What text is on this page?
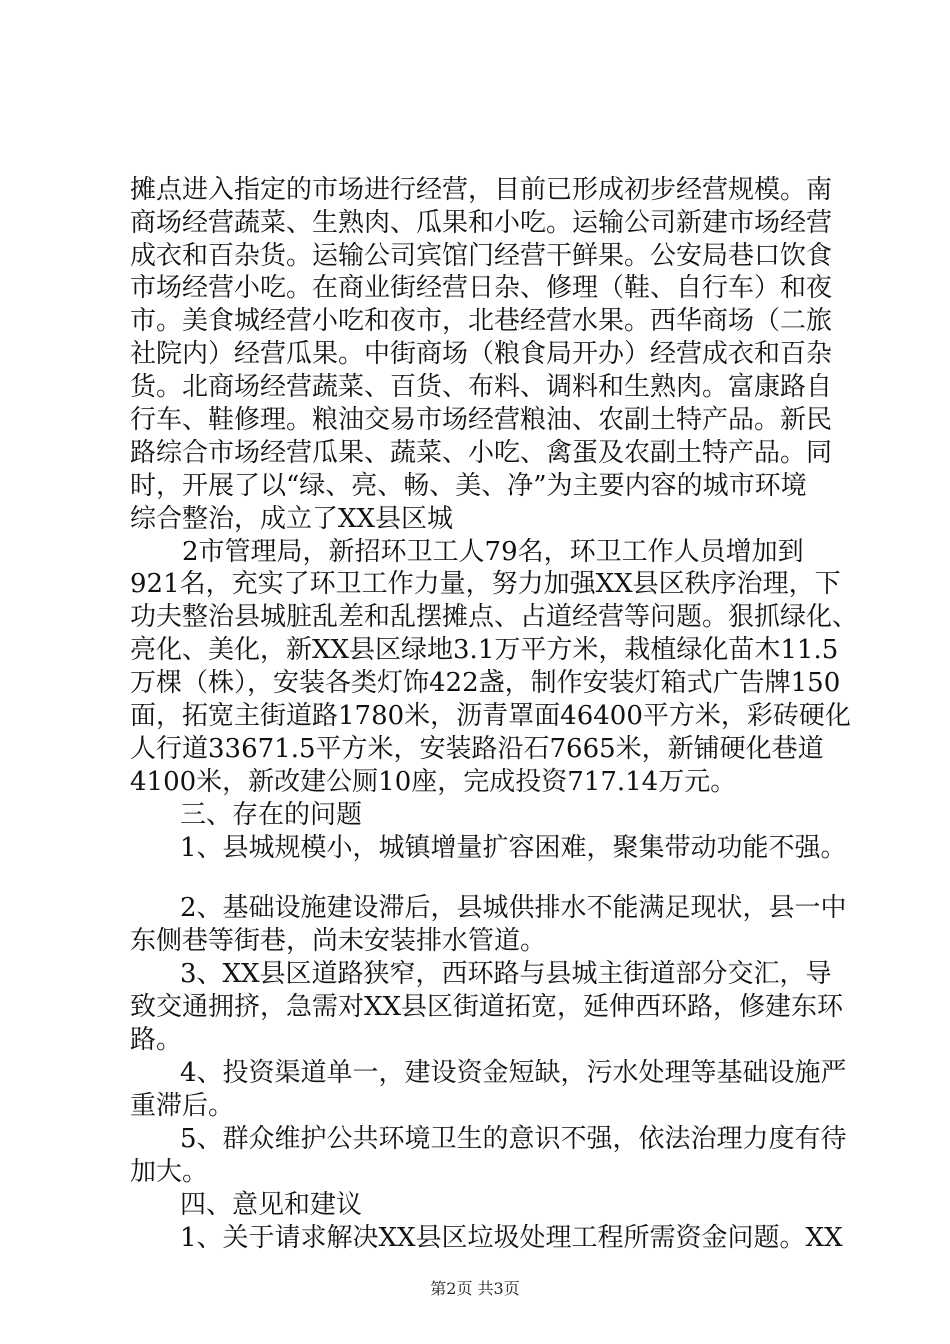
摊点进入指定的市场进行经营，目前已形成初步经营规模。南
商场经营蔬菜、生熟肉、瓜果和小吃。运输公司新建市场经营
成衣和百杂货。运输公司宾馆门经营干鲜果。公安局巷口饮食
市场经营小吃。在商业街经营日杂、修理（鞋、自行车）和夜
市。美食城经营小吃和夜市，北巷经营水果。西华商场（二旅
社院内）经营瓜果。中街商场（粮食局开办）经营成衣和百杂
货。北商场经营蔬菜、百货、布料、调料和生熟肉。富康路自
行车、鞋修理。粮油交易市场经营粮油、农副土特产品。新民
路综合市场经营瓜果、蔬菜、小吃、禽蛋及农副土特产品。同
时，开展了以“绿、亮、畅、美、净”为主要内容的城市环境
综合整治，成立了XX县区城
2市管理局，新招环卫工人79名，环卫工作人员增加到
921名，充实了环卫工作力量，努力加强XX县区秩序治理，下
功夫整治县城脏乱差和乱摆摊点、占道经营等问题。狠抓绿化、
亮化、美化，新XX县区绿地3.1万平方米，栽植绿化苗木11.5
万棵（株），安装各类灯饰422盏，制作安装灯箱式广告牌150
面，拓宽主街道路1780米，沥青罩面46400平方米，彩砖硬化
人行道33671.5平方米，安装路沿石7665米，新铺硬化巷道
4100米，新改建公厕10座，完成投资717.14万元。
三、存在的问题
1、县城规模小，城镇增量扩容困难，聚集带动功能不强。
2、基础设施建设滞后，县城供排水不能满足现状，县一中
东侧巷等街巷，尚未安装排水管道。
3、XX县区道路狭窄，西环路与县城主街道部分交汇，导
致交通拥挤，急需对XX县区街道拓宽，延伸西环路，修建东环
路。
4、投资渠道单一，建设资金短缺，污水处理等基础设施严
重滞后。
5、群众维护公共环境卫生的意识不强，依法治理力度有待
加大。
四、意见和建议
1、关于请求解决XX县区垃圾处理工程所需资金问题。XX
第2页 共3页
